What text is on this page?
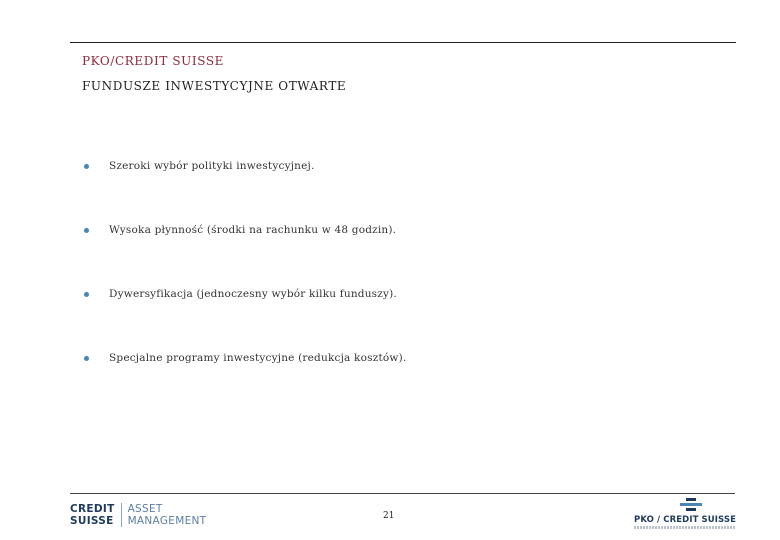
PKO/CREDIT SUISSE
FUNDUSZE INWESTYCYJNE OTWARTE
Szeroki wybór polityki inwestycyjnej.
Wysoka płynność (środki na rachunku w 48 godzin).
Dywersyfikacja (jednoczesny wybór kilku funduszy).
Specjalne programy inwestycyjne (redukcja kosztów).
CREDIT
SUISSE
ASSET
MANAGEMENT	21	PKO / CREDIT SUISSE
